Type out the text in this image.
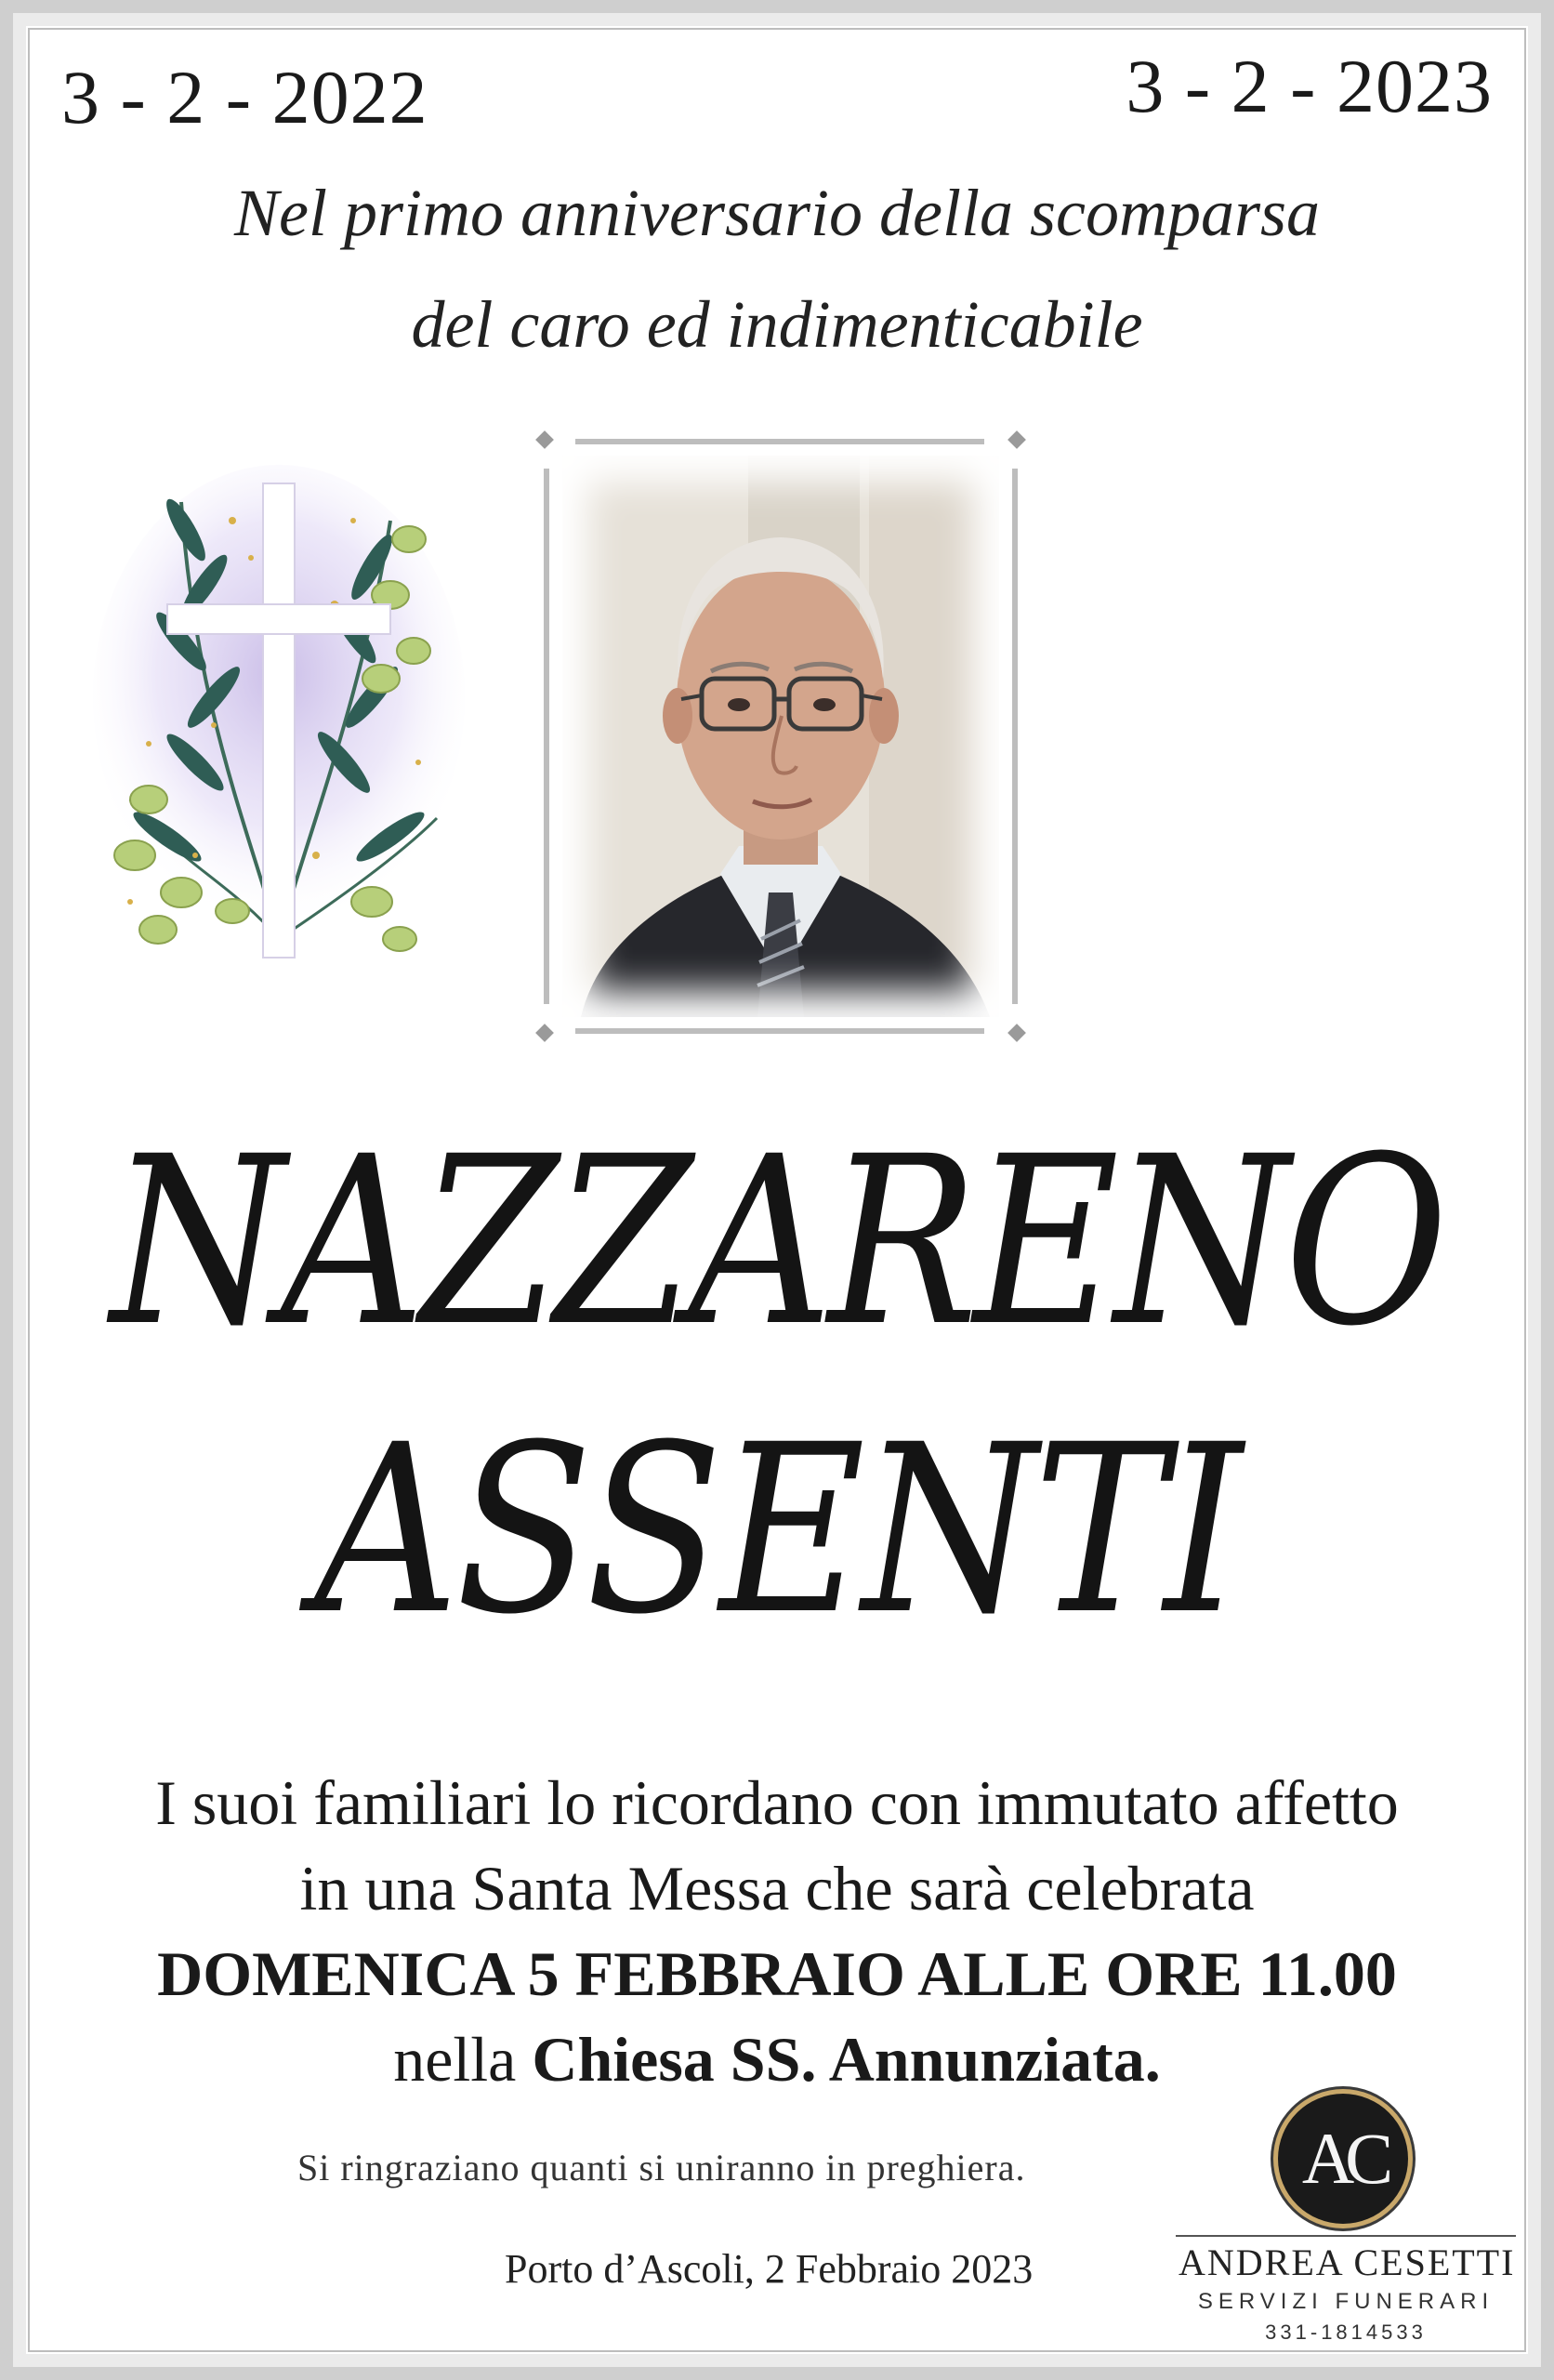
3 - 2 - 2022	3 - 2 - 2023
Nel primo anniversario della scomparsa
del caro ed indimenticabile
NAZZARENO
ASSENTI
I suoi familiari lo ricordano con immutato affetto
in una Santa Messa che sarà celebrata
DOMENICA 5 FEBBRAIO ALLE ORE 11.00
nella Chiesa SS. Annunziata.
Si ringraziano quanti si uniranno in preghiera.
Porto d’Ascoli, 2 Febbraio 2023
AC
ANDREA CESETTI
SERVIZI FUNERARI
331-1814533
